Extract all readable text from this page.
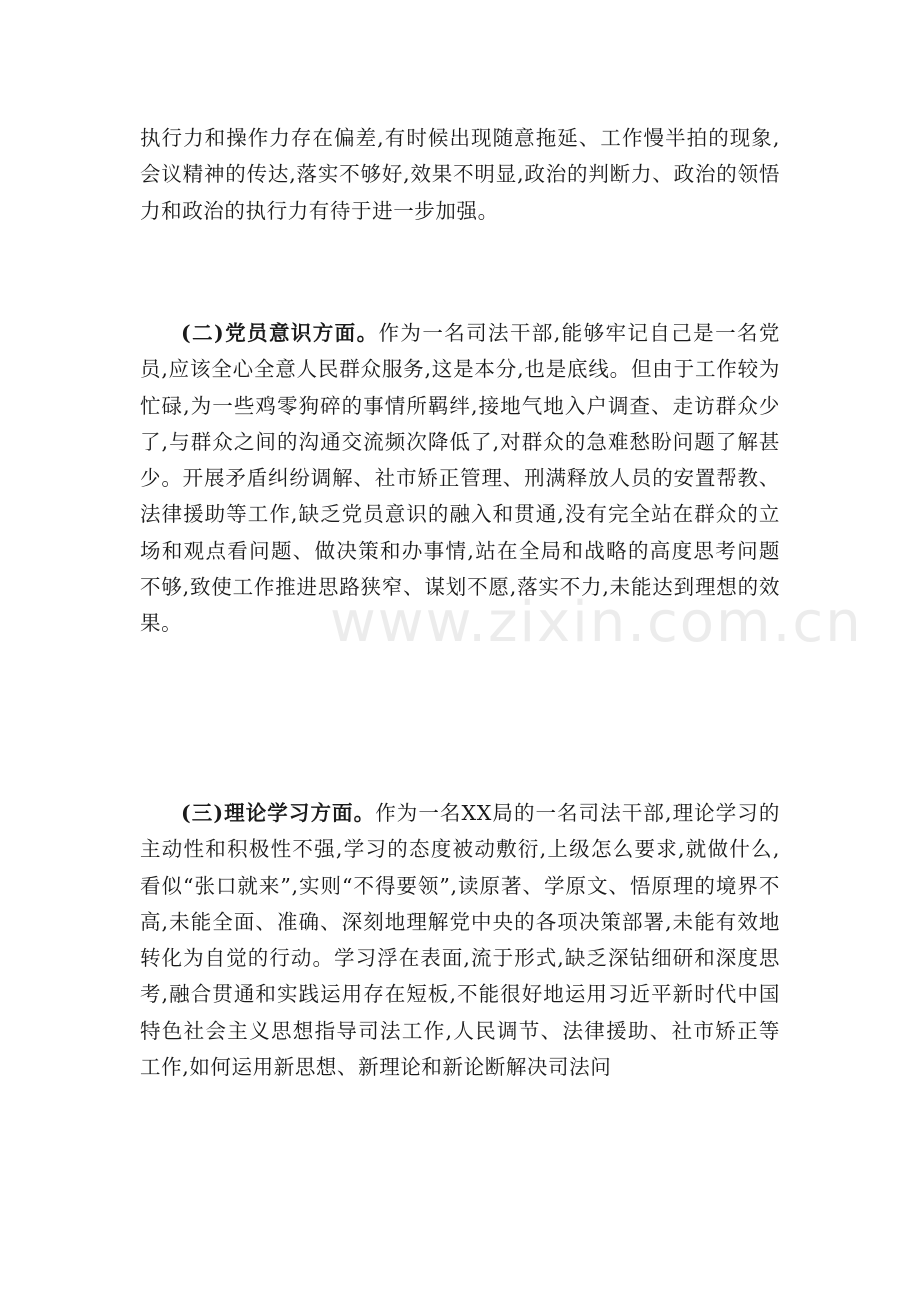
执行力和操作力存在偏差,有时候出现随意拖延、工作慢半拍的现象,会议精神的传达,落实不够好,效果不明显,政治的判断力、政治的领悟力和政治的执行力有待于进一步加强。

(二)党员意识方面。作为一名司法干部,能够牢记自己是一名党员,应该全心全意人民群众服务,这是本分,也是底线。但由于工作较为忙碌,为一些鸡零狗碎的事情所羁绊,接地气地入户调查、走访群众少了,与群众之间的沟通交流频次降低了,对群众的急难愁盼问题了解甚少。开展矛盾纠纷调解、社市矫正管理、刑满释放人员的安置帮教、法律援助等工作,缺乏党员意识的融入和贯通,没有完全站在群众的立场和观点看问题、做决策和办事情,站在全局和战略的高度思考问题不够,致使工作推进思路狭窄、谋划不愿,落实不力,未能达到理想的效果。

(三)理论学习方面。作为一名XX局的一名司法干部,理论学习的主动性和积极性不强,学习的态度被动敷衍,上级怎么要求,就做什么,看似“张口就来”,实则“不得要领”,读原著、学原文、悟原理的境界不高,未能全面、准确、深刻地理解党中央的各项决策部署,未能有效地转化为自觉的行动。学习浮在表面,流于形式,缺乏深钻细研和深度思考,融合贯通和实践运用存在短板,不能很好地运用习近平新时代中国特色社会主义思想指导司法工作,人民调节、法律援助、社市矫正等工作,如何运用新思想、新理论和新论断解决司法问

www.zixin.com.cn
